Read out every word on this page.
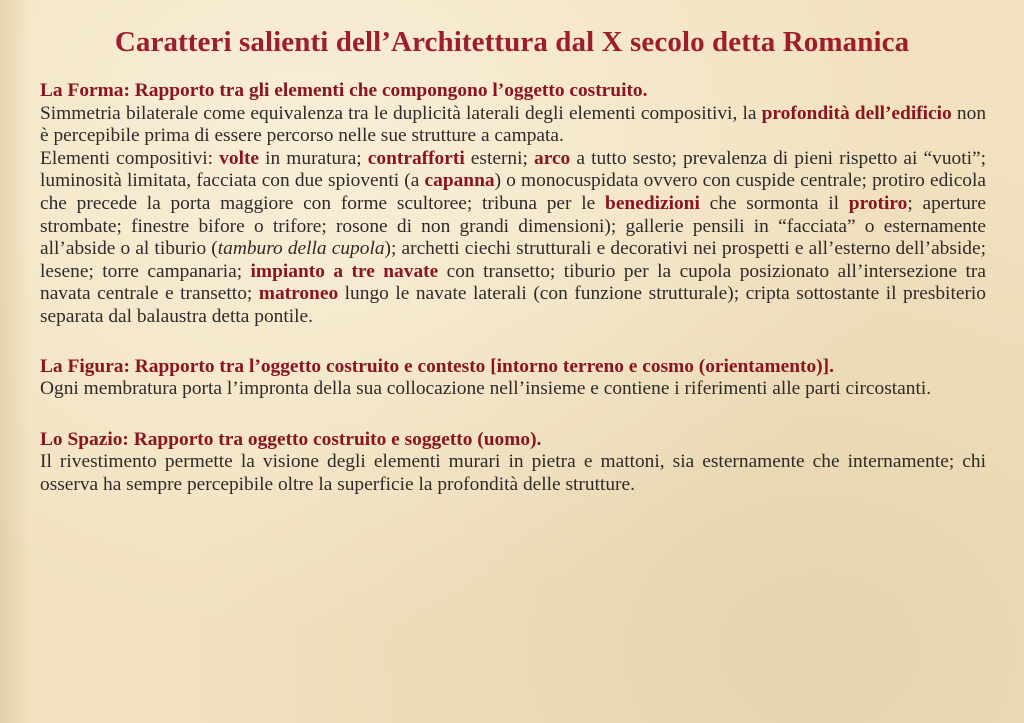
Caratteri salienti dell’Architettura dal X secolo detta Romanica

La Forma: Rapporto tra gli elementi che compongono l’oggetto costruito.

Simmetria bilaterale come equivalenza tra le duplicità laterali degli elementi compositivi, la profondità dell’edificio non è percepibile prima di essere percorso nelle sue strutture a campata.

Elementi compositivi: volte in muratura; contrafforti esterni; arco a tutto sesto; prevalenza di pieni rispetto ai “vuoti”; luminosità limitata, facciata con due spioventi (a capanna) o monocuspidata ovvero con cuspide centrale; protiro edicola che precede la porta maggiore con forme scultoree; tribuna per le benedizioni che sormonta il protiro; aperture strombate; finestre bifore o trifore; rosone di non grandi dimensioni); gallerie pensili in “facciata” o esternamente all’abside o al tiburio (tamburo della cupola); archetti ciechi strutturali e decorativi nei prospetti e all’esterno dell’abside; lesene; torre campanaria; impianto a tre navate con transetto; tiburio per la cupola posizionato all’intersezione tra navata centrale e transetto; matroneo lungo le navate laterali (con funzione strutturale); cripta sottostante il presbiterio separata dal balaustra detta pontile.

La Figura: Rapporto tra l’oggetto costruito e contesto [intorno terreno e cosmo (orientamento)].

Ogni membratura porta l’impronta della sua collocazione nell’insieme e contiene i riferimenti alle parti circostanti.

Lo Spazio: Rapporto tra oggetto costruito e soggetto (uomo).

Il rivestimento permette la visione degli elementi murari in pietra e mattoni, sia esternamente che internamente; chi osserva ha sempre percepibile oltre la superficie la profondità delle strutture.
